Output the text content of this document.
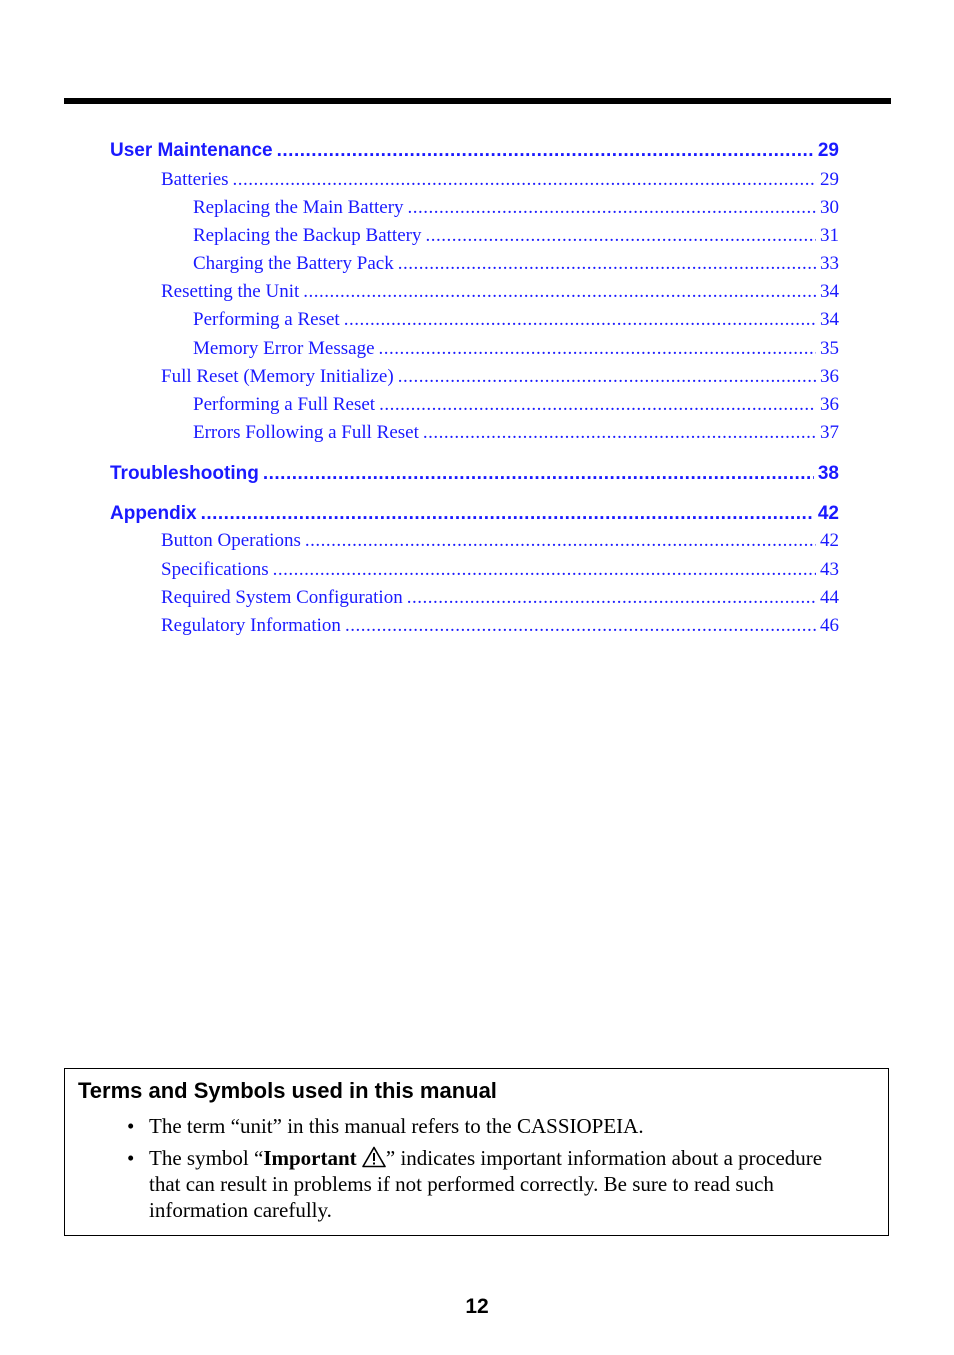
User Maintenance .....	29
Batteries .....	29
Replacing the Main Battery .....	30
Replacing the Backup Battery .....	31
Charging the Battery Pack .....	33
Resetting the Unit .....	34
Performing a Reset .....	34
Memory Error Message .....	35
Full Reset (Memory Initialize) .....	36
Performing a Full Reset .....	36
Errors Following a Full Reset .....	37
Troubleshooting .....	38
Appendix .....	42
Button Operations .....	42
Specifications .....	43
Required System Configuration .....	44
Regulatory Information .....	46
Terms and Symbols used in this manual
• The term “unit” in this manual refers to the CASSIOPEIA.
• The symbol “Important ” indicates important information about a procedure that can result in problems if not performed correctly. Be sure to read such information carefully.
12
